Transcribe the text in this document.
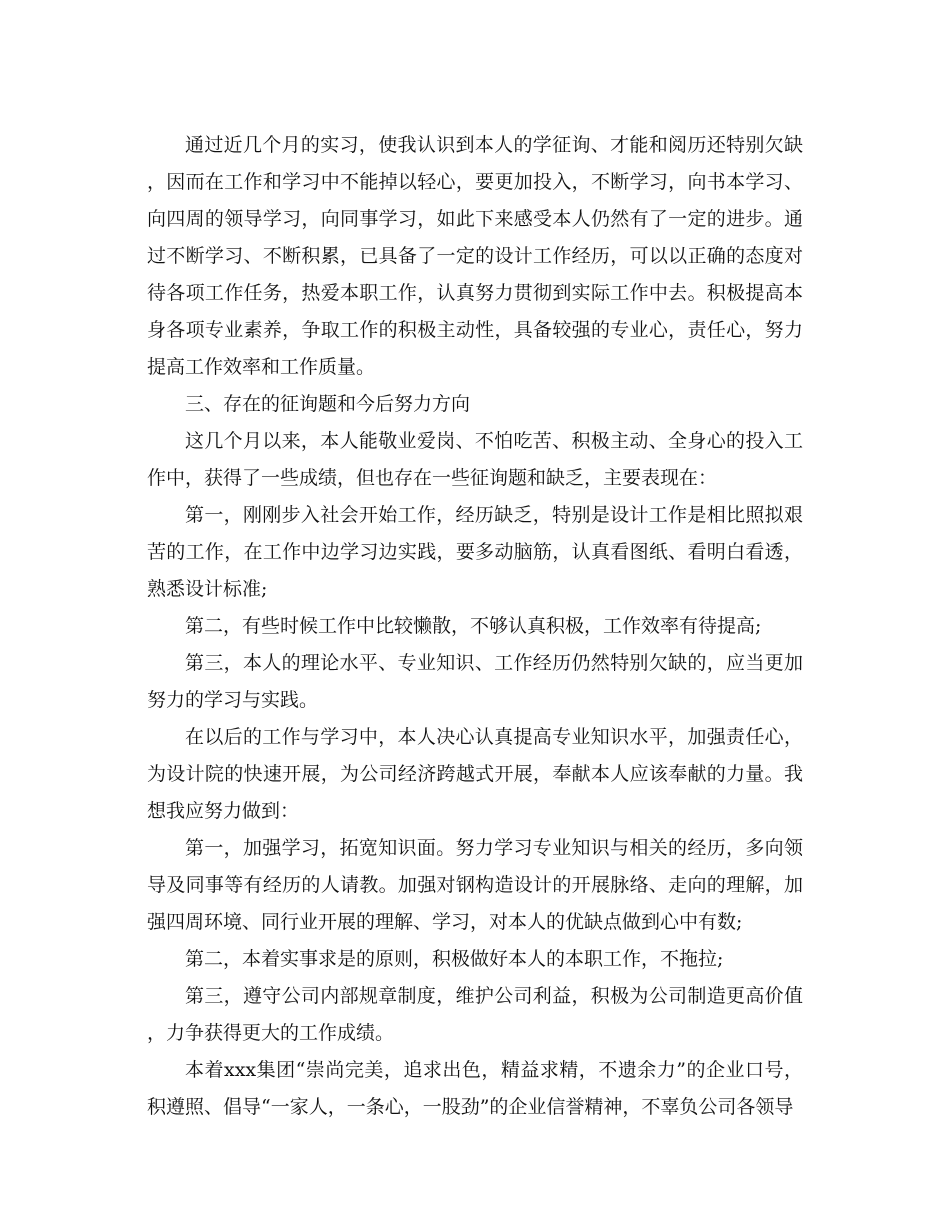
通过近几个月的实习，使我认识到本人的学征询、才能和阅历还特别欠缺，因而在工作和学习中不能掉以轻心，要更加投入，不断学习，向书本学习、向四周的领导学习，向同事学习，如此下来感受本人仍然有了一定的进步。通过不断学习、不断积累，已具备了一定的设计工作经历，可以以正确的态度对待各项工作任务，热爱本职工作，认真努力贯彻到实际工作中去。积极提高本身各项专业素养，争取工作的积极主动性，具备较强的专业心，责任心，努力提高工作效率和工作质量。

三、存在的征询题和今后努力方向

这几个月以来，本人能敬业爱岗、不怕吃苦、积极主动、全身心的投入工作中，获得了一些成绩，但也存在一些征询题和缺乏，主要表现在：

第一，刚刚步入社会开始工作，经历缺乏，特别是设计工作是相比照拟艰苦的工作，在工作中边学习边实践，要多动脑筋，认真看图纸、看明白看透，熟悉设计标准;

第二，有些时候工作中比较懒散，不够认真积极，工作效率有待提高;

第三，本人的理论水平、专业知识、工作经历仍然特别欠缺的，应当更加努力的学习与实践。

在以后的工作与学习中，本人决心认真提高专业知识水平，加强责任心，为设计院的快速开展，为公司经济跨越式开展，奉献本人应该奉献的力量。我想我应努力做到：

第一，加强学习，拓宽知识面。努力学习专业知识与相关的经历，多向领导及同事等有经历的人请教。加强对钢构造设计的开展脉络、走向的理解，加强四周环境、同行业开展的理解、学习，对本人的优缺点做到心中有数;

第二，本着实事求是的原则，积极做好本人的本职工作，不拖拉;

第三，遵守公司内部规章制度，维护公司利益，积极为公司制造更高价值，力争获得更大的工作成绩。

本着xxx集团“崇尚完美，追求出色，精益求精，不遗余力”的企业口号，积遵照、倡导“一家人，一条心，一股劲”的企业信誉精神，不辜负公司各领导
